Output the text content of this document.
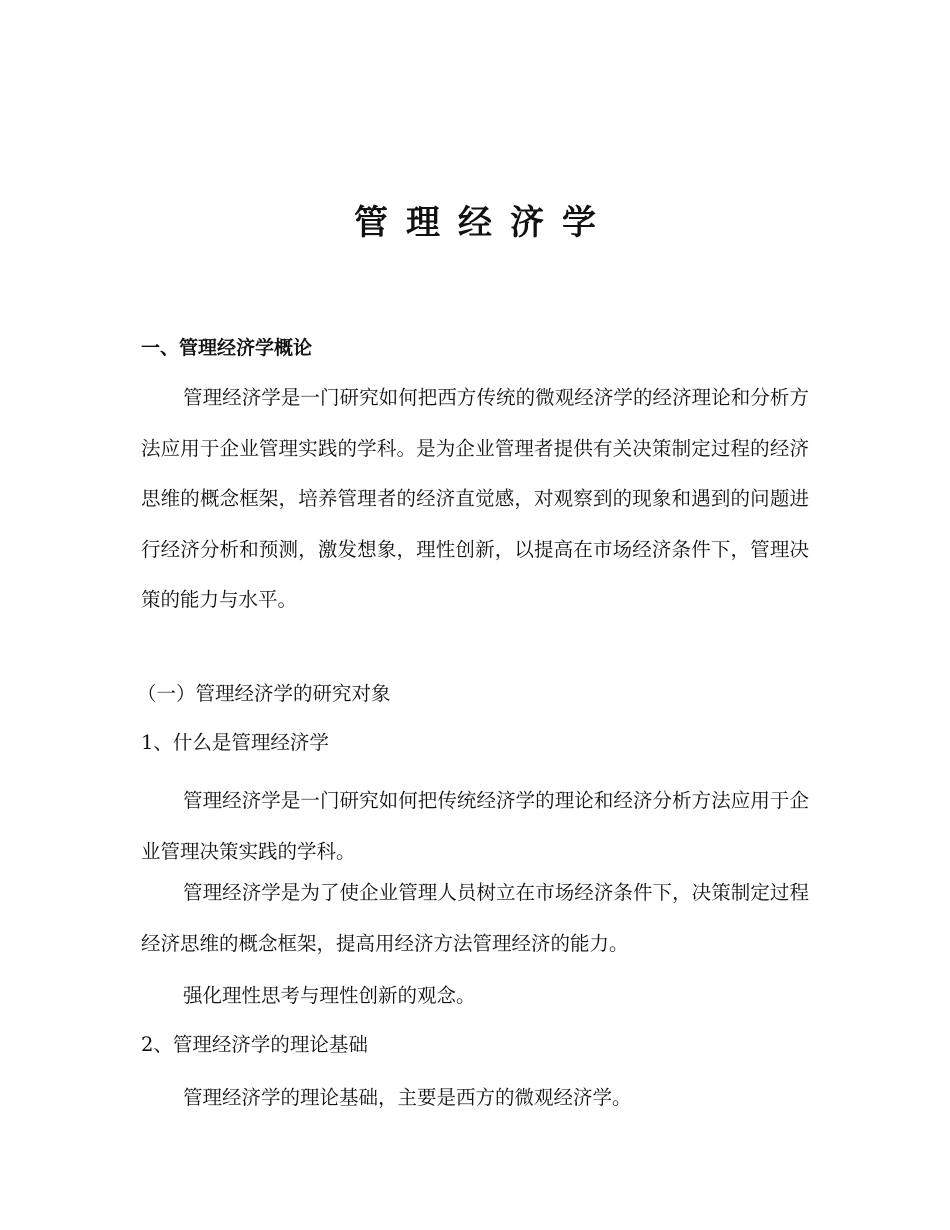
管理经济学
一、管理经济学概论
管理经济学是一门研究如何把西方传统的微观经济学的经济理论和分析方法应用于企业管理实践的学科。是为企业管理者提供有关决策制定过程的经济思维的概念框架，培养管理者的经济直觉感，对观察到的现象和遇到的问题进行经济分析和预测，激发想象，理性创新，以提高在市场经济条件下，管理决策的能力与水平。
（一）管理经济学的研究对象
1、什么是管理经济学
管理经济学是一门研究如何把传统经济学的理论和经济分析方法应用于企业管理决策实践的学科。
管理经济学是为了使企业管理人员树立在市场经济条件下，决策制定过程经济思维的概念框架，提高用经济方法管理经济的能力。
强化理性思考与理性创新的观念。
2、管理经济学的理论基础
管理经济学的理论基础，主要是西方的微观经济学。
